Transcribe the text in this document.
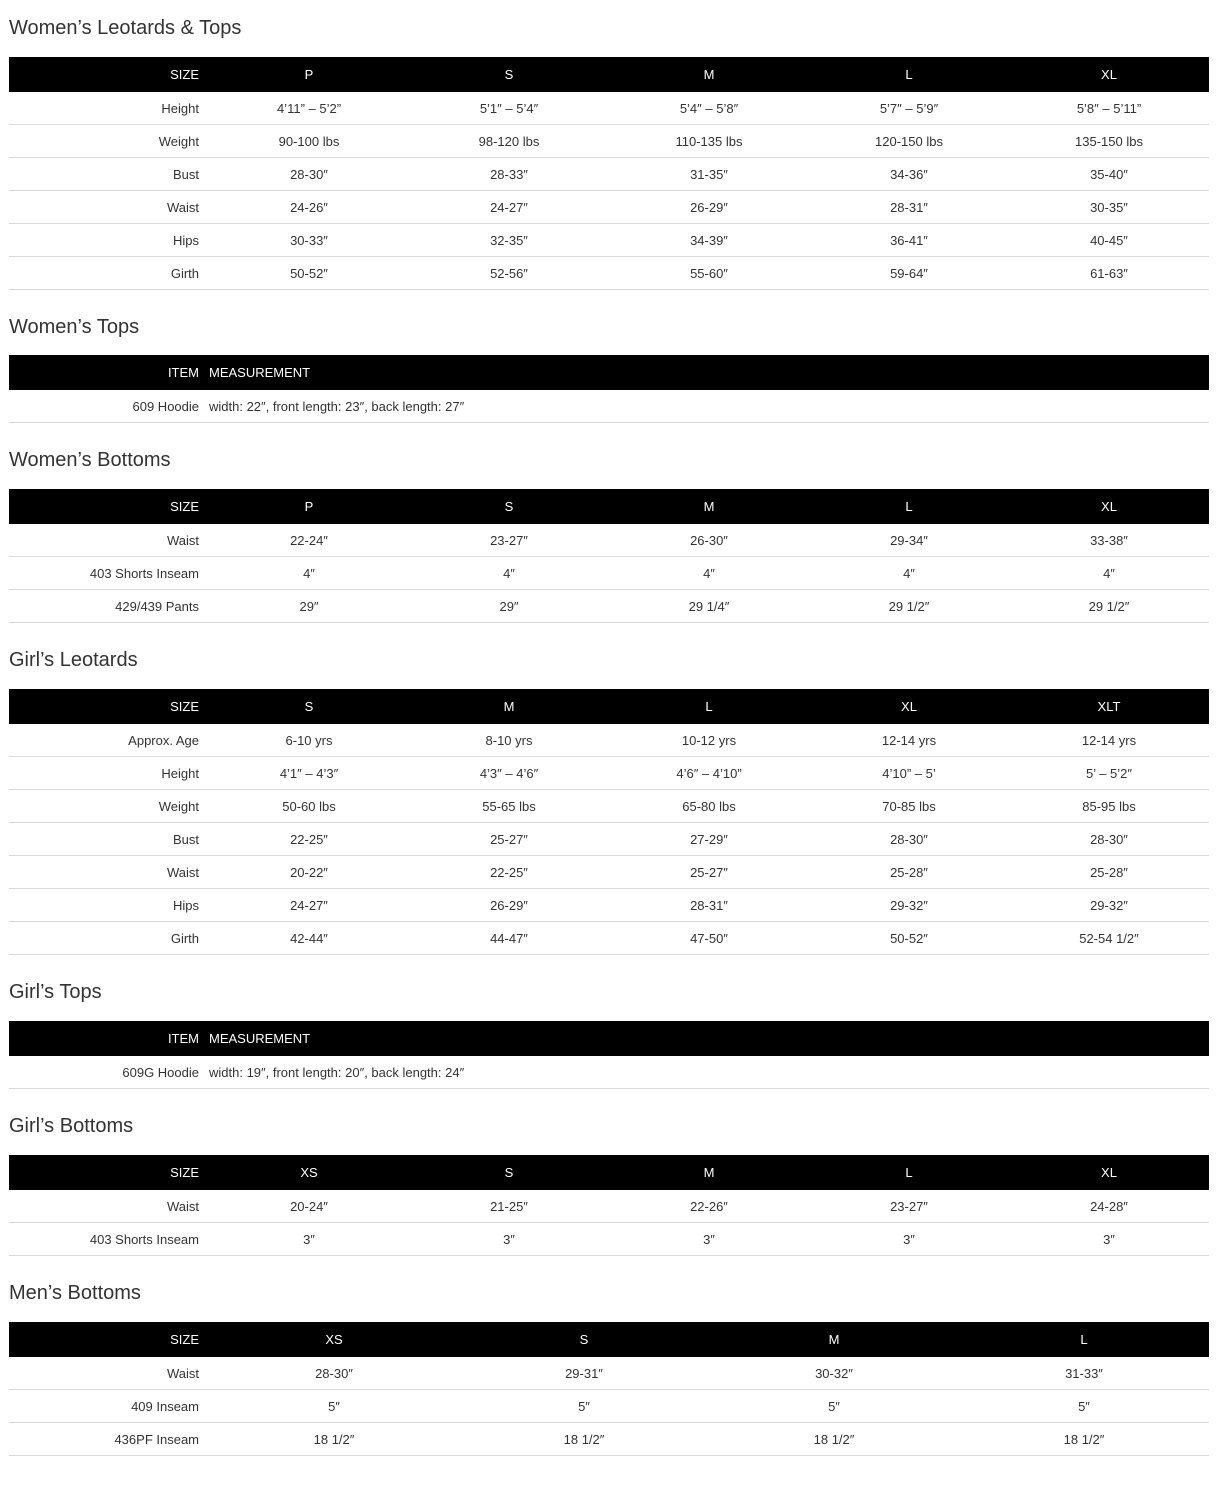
Women’s Leotards & Tops
SIZE	P	S	M	L	XL
Height	4’11” – 5’2”	5’1″ – 5’4″	5’4″ – 5’8″	5’7″ – 5’9″	5’8″ – 5’11”
Weight	90-100 lbs	98-120 lbs	110-135 lbs	120-150 lbs	135-150 lbs
Bust	28-30″	28-33″	31-35″	34-36″	35-40″
Waist	24-26″	24-27″	26-29″	28-31″	30-35″
Hips	30-33″	32-35″	34-39″	36-41″	40-45″
Girth	50-52″	52-56″	55-60″	59-64″	61-63″
Women’s Tops
ITEM	MEASUREMENT
609 Hoodie	width: 22″, front length: 23″, back length: 27″
Women’s Bottoms
SIZE	P	S	M	L	XL
Waist	22-24″	23-27″	26-30″	29-34″	33-38″
403 Shorts Inseam	4″	4″	4″	4″	4″
429/439 Pants	29″	29″	29 1/4″	29 1/2″	29 1/2″
Girl’s Leotards
SIZE	S	M	L	XL	XLT
Approx. Age	6-10 yrs	8-10 yrs	10-12 yrs	12-14 yrs	12-14 yrs
Height	4’1″ – 4’3″	4’3″ – 4’6″	4’6″ – 4’10”	4’10” – 5’	5’ – 5’2″
Weight	50-60 lbs	55-65 lbs	65-80 lbs	70-85 lbs	85-95 lbs
Bust	22-25″	25-27″	27-29″	28-30″	28-30″
Waist	20-22″	22-25″	25-27″	25-28″	25-28″
Hips	24-27″	26-29″	28-31″	29-32″	29-32″
Girth	42-44″	44-47″	47-50″	50-52″	52-54 1/2″
Girl’s Tops
ITEM	MEASUREMENT
609G Hoodie	width: 19″, front length: 20″, back length: 24″
Girl’s Bottoms
SIZE	XS	S	M	L	XL
Waist	20-24″	21-25″	22-26″	23-27″	24-28″
403 Shorts Inseam	3″	3″	3″	3″	3″
Men’s Bottoms
SIZE	XS	S	M	L
Waist	28-30″	29-31″	30-32″	31-33″
409 Inseam	5″	5″	5″	5″
436PF Inseam	18 1/2″	18 1/2″	18 1/2″	18 1/2″
